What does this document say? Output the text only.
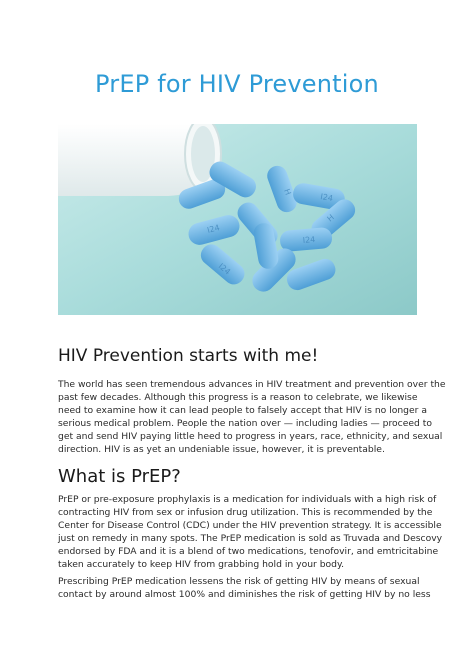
PrEP for HIV Prevention
I24
H
I24
I24
I24
H
HIV Prevention starts with me!

The world has seen tremendous advances in HIV treatment and prevention over the
past few decades. Although this progress is a reason to celebrate, we likewise
need to examine how it can lead people to falsely accept that HIV is no longer a
serious medical problem. People the nation over — including ladies — proceed to
get and send HIV paying little heed to progress in years, race, ethnicity, and sexual
direction. HIV is as yet an undeniable issue, however, it is preventable.

What is PrEP?

PrEP or pre-exposure prophylaxis is a medication for individuals with a high risk of
contracting HIV from sex or infusion drug utilization. This is recommended by the
Center for Disease Control (CDC) under the HIV prevention strategy. It is accessible
just on remedy in many spots. The PrEP medication is sold as Truvada and Descovy
endorsed by FDA and it is a blend of two medications, tenofovir, and emtricitabine
taken accurately to keep HIV from grabbing hold in your body.

Prescribing PrEP medication lessens the risk of getting HIV by means of sexual
contact by around almost 100% and diminishes the risk of getting HIV by no less
